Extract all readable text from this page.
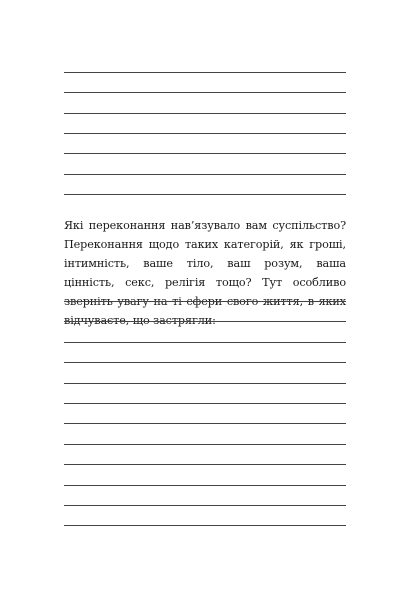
Які переконання нав’язувало вам суспільство? Переконання щодо таких категорій, як гроші, інтимність, ваше тіло, ваш розум, ваша цінність, секс, релігія тощо? Тут особливо зверніть увагу на ті сфери свого життя, в яких відчуваєте, що застрягли:
